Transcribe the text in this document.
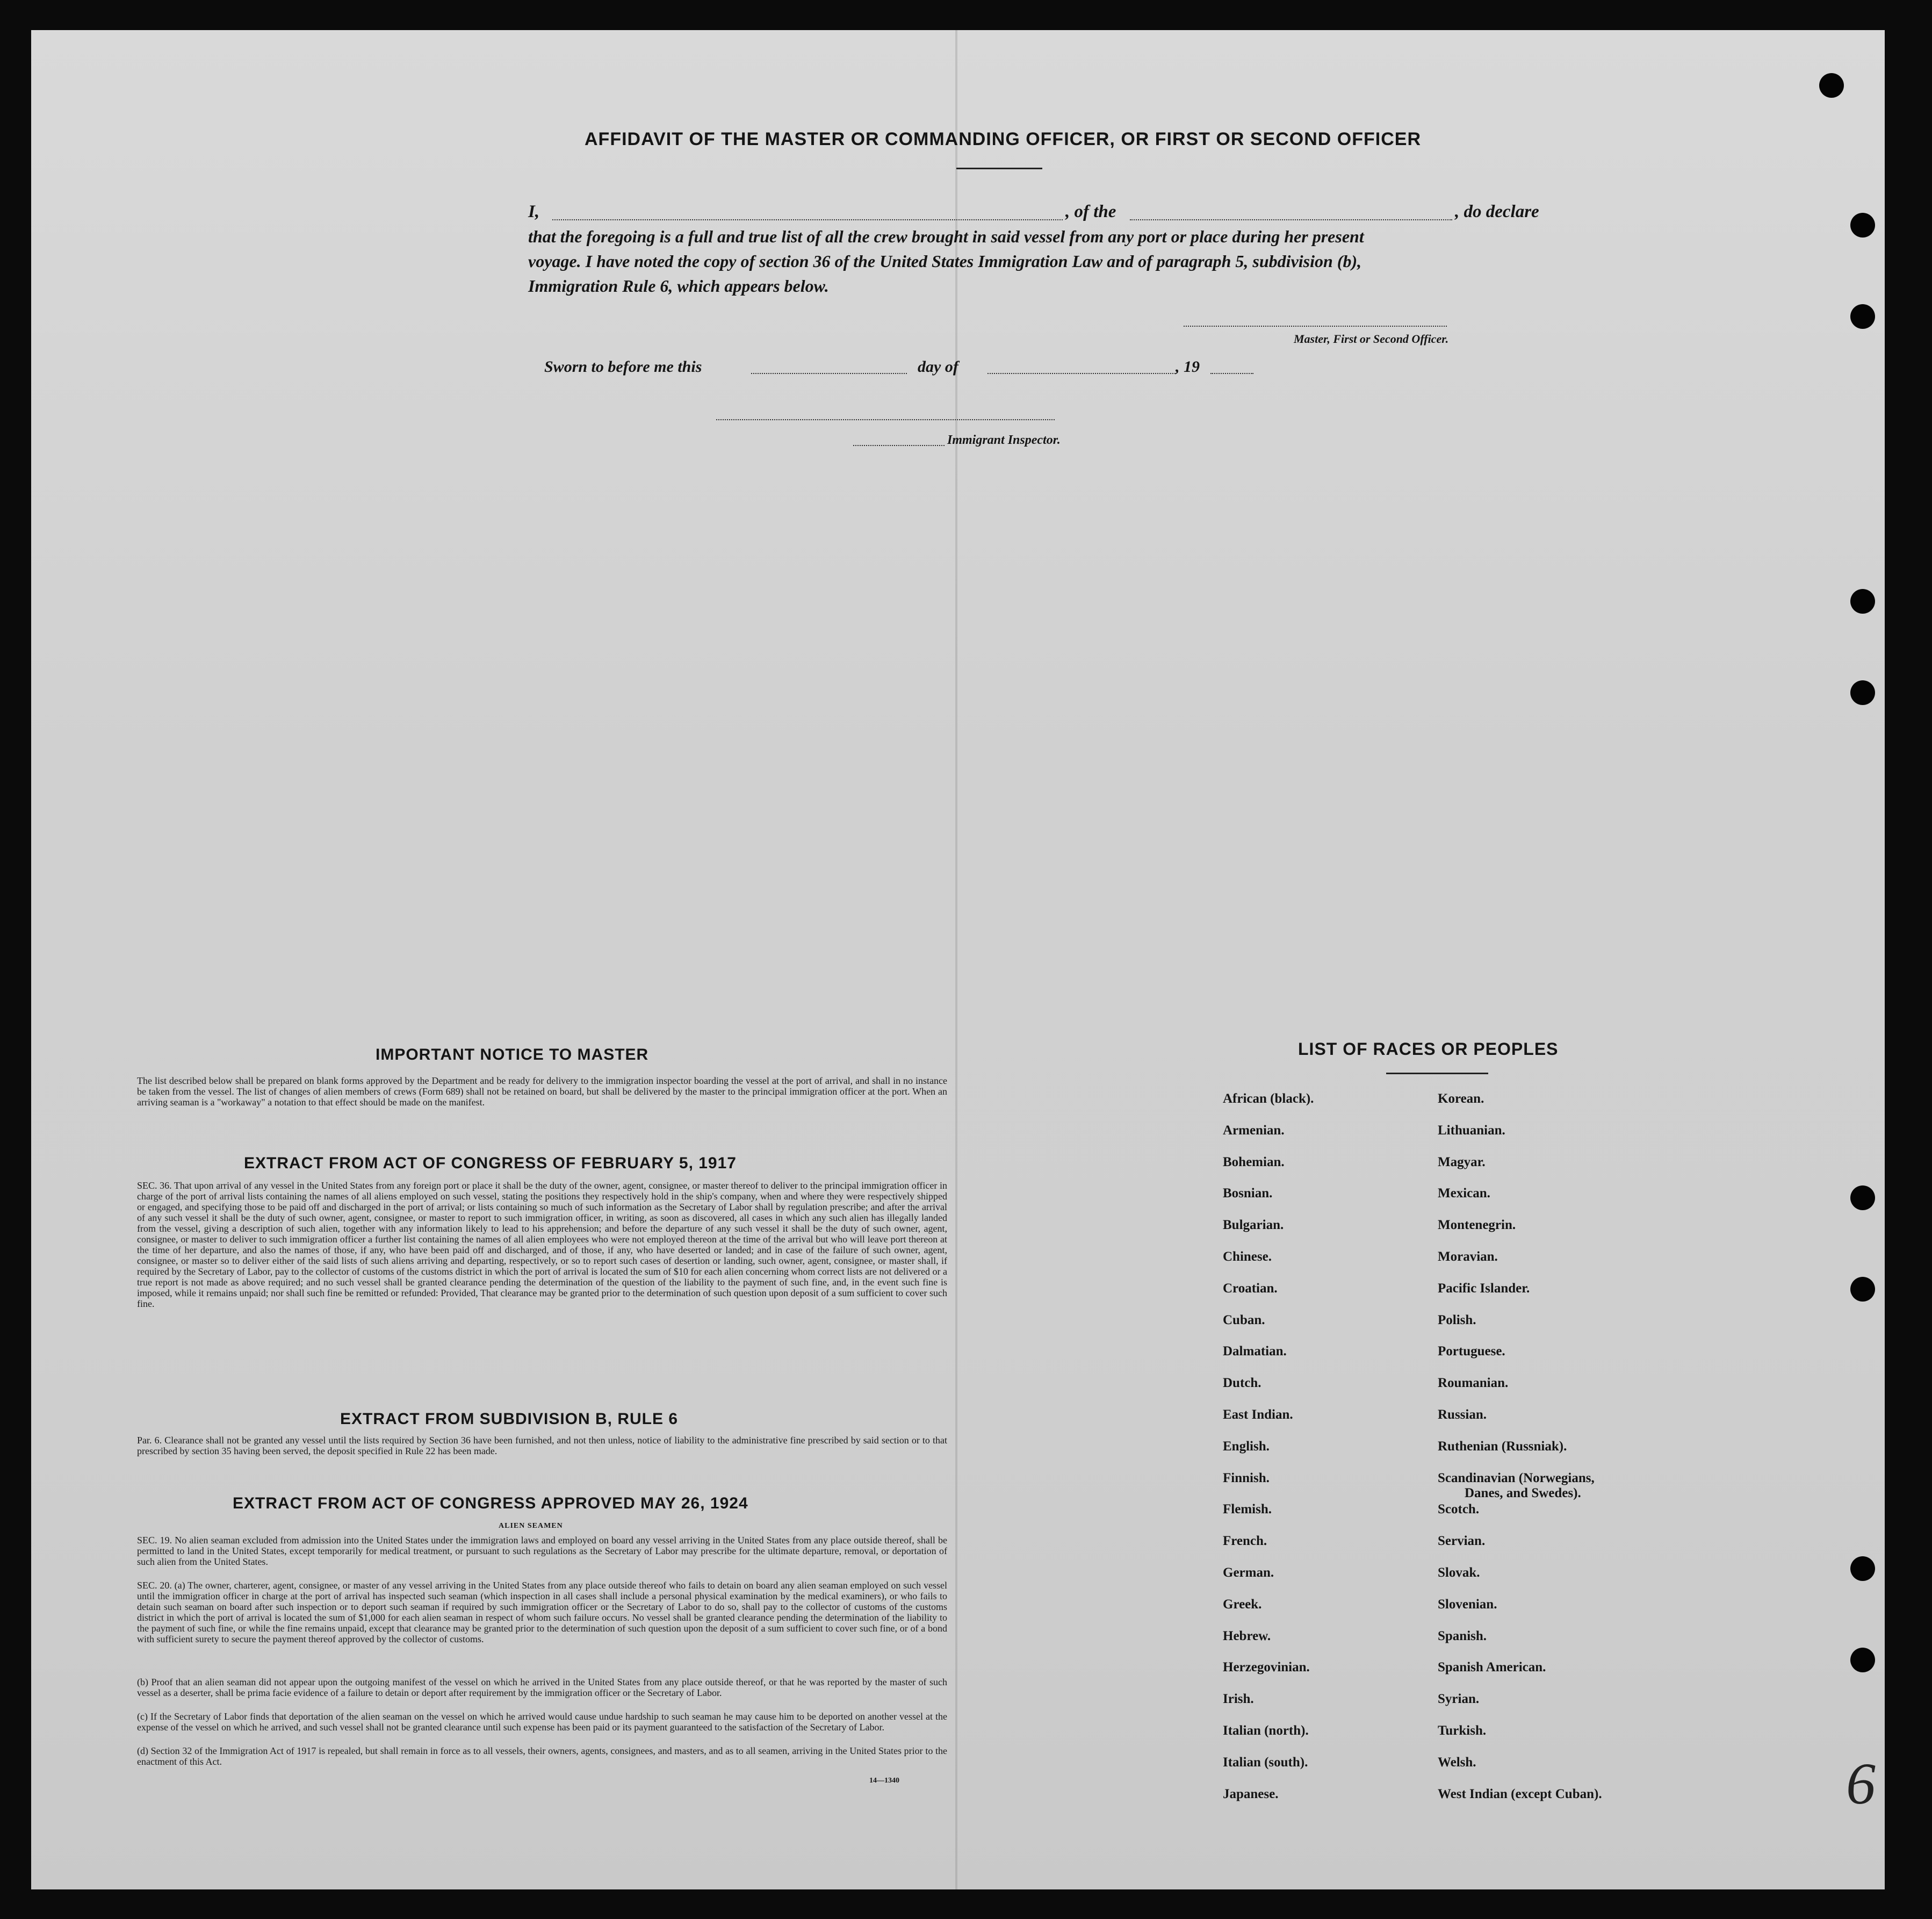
AFFIDAVIT OF THE MASTER OR COMMANDING OFFICER, OR FIRST OR SECOND OFFICER
I,	, of the	, do declare
that the foregoing is a full and true list of all the crew brought in said vessel from any port or place during her present
voyage. I have noted the copy of section 36 of the United States Immigration Law and of paragraph 5, subdivision (b),
Immigration Rule 6, which appears below.
Master, First or Second Officer.
Sworn to before me this	day of	, 19
Immigrant Inspector.
IMPORTANT NOTICE TO MASTER
The list described below shall be prepared on blank forms approved by the Department and be ready for delivery to the immigration inspector boarding the vessel at the port of arrival, and shall in no instance be taken from the vessel. The list of changes of alien members of crews (Form 689) shall not be retained on board, but shall be delivered by the master to the principal immigration officer at the port. When an arriving seaman is a "workaway" a notation to that effect should be made on the manifest.
EXTRACT FROM ACT OF CONGRESS OF FEBRUARY 5, 1917
SEC. 36. That upon arrival of any vessel in the United States from any foreign port or place it shall be the duty of the owner, agent, consignee, or master thereof to deliver to the principal immigration officer in charge of the port of arrival lists containing the names of all aliens employed on such vessel, stating the positions they respectively hold in the ship's company, when and where they were respectively shipped or engaged, and specifying those to be paid off and discharged in the port of arrival; or lists containing so much of such information as the Secretary of Labor shall by regulation prescribe; and after the arrival of any such vessel it shall be the duty of such owner, agent, consignee, or master to report to such immigration officer, in writing, as soon as discovered, all cases in which any such alien has illegally landed from the vessel, giving a description of such alien, together with any information likely to lead to his apprehension; and before the departure of any such vessel it shall be the duty of such owner, agent, consignee, or master to deliver to such immigration officer a further list containing the names of all alien employees who were not employed thereon at the time of the arrival but who will leave port thereon at the time of her departure, and also the names of those, if any, who have been paid off and discharged, and of those, if any, who have deserted or landed; and in case of the failure of such owner, agent, consignee, or master so to deliver either of the said lists of such aliens arriving and departing, respectively, or so to report such cases of desertion or landing, such owner, agent, consignee, or master shall, if required by the Secretary of Labor, pay to the collector of customs of the customs district in which the port of arrival is located the sum of $10 for each alien concerning whom correct lists are not delivered or a true report is not made as above required; and no such vessel shall be granted clearance pending the determination of the question of the liability to the payment of such fine, and, in the event such fine is imposed, while it remains unpaid; nor shall such fine be remitted or refunded: Provided, That clearance may be granted prior to the determination of such question upon deposit of a sum sufficient to cover such fine.
EXTRACT FROM SUBDIVISION B, RULE 6
Par. 6. Clearance shall not be granted any vessel until the lists required by Section 36 have been furnished, and not then unless, notice of liability to the administrative fine prescribed by said section or to that prescribed by section 35 having been served, the deposit specified in Rule 22 has been made.
EXTRACT FROM ACT OF CONGRESS APPROVED MAY 26, 1924
ALIEN SEAMEN
SEC. 19. No alien seaman excluded from admission into the United States under the immigration laws and employed on board any vessel arriving in the United States from any place outside thereof, shall be permitted to land in the United States, except temporarily for medical treatment, or pursuant to such regulations as the Secretary of Labor may prescribe for the ultimate departure, removal, or deportation of such alien from the United States.
SEC. 20. (a) The owner, charterer, agent, consignee, or master of any vessel arriving in the United States from any place outside thereof who fails to detain on board any alien seaman employed on such vessel until the immigration officer in charge at the port of arrival has inspected such seaman (which inspection in all cases shall include a personal physical examination by the medical examiners), or who fails to detain such seaman on board after such inspection or to deport such seaman if required by such immigration officer or the Secretary of Labor to do so, shall pay to the collector of customs of the customs district in which the port of arrival is located the sum of $1,000 for each alien seaman in respect of whom such failure occurs. No vessel shall be granted clearance pending the determination of the liability to the payment of such fine, or while the fine remains unpaid, except that clearance may be granted prior to the determination of such question upon the deposit of a sum sufficient to cover such fine, or of a bond with sufficient surety to secure the payment thereof approved by the collector of customs.
(b) Proof that an alien seaman did not appear upon the outgoing manifest of the vessel on which he arrived in the United States from any place outside thereof, or that he was reported by the master of such vessel as a deserter, shall be prima facie evidence of a failure to detain or deport after requirement by the immigration officer or the Secretary of Labor.
(c) If the Secretary of Labor finds that deportation of the alien seaman on the vessel on which he arrived would cause undue hardship to such seaman he may cause him to be deported on another vessel at the expense of the vessel on which he arrived, and such vessel shall not be granted clearance until such expense has been paid or its payment guaranteed to the satisfaction of the Secretary of Labor.
(d) Section 32 of the Immigration Act of 1917 is repealed, but shall remain in force as to all vessels, their owners, agents, consignees, and masters, and as to all seamen, arriving in the United States prior to the enactment of this Act.
14—1340
LIST OF RACES OR PEOPLES
African (black).
Armenian.
Bohemian.
Bosnian.
Bulgarian.
Chinese.
Croatian.
Cuban.
Dalmatian.
Dutch.
East Indian.
English.
Finnish.
Flemish.
French.
German.
Greek.
Hebrew.
Herzegovinian.
Irish.
Italian (north).
Italian (south).
Japanese.
Korean.
Lithuanian.
Magyar.
Mexican.
Montenegrin.
Moravian.
Pacific Islander.
Polish.
Portuguese.
Roumanian.
Russian.
Ruthenian (Russniak).
Scandinavian (Norwegians,
Danes, and Swedes).
Scotch.
Servian.
Slovak.
Slovenian.
Spanish.
Spanish American.
Syrian.
Turkish.
Welsh.
West Indian (except Cuban).	6
